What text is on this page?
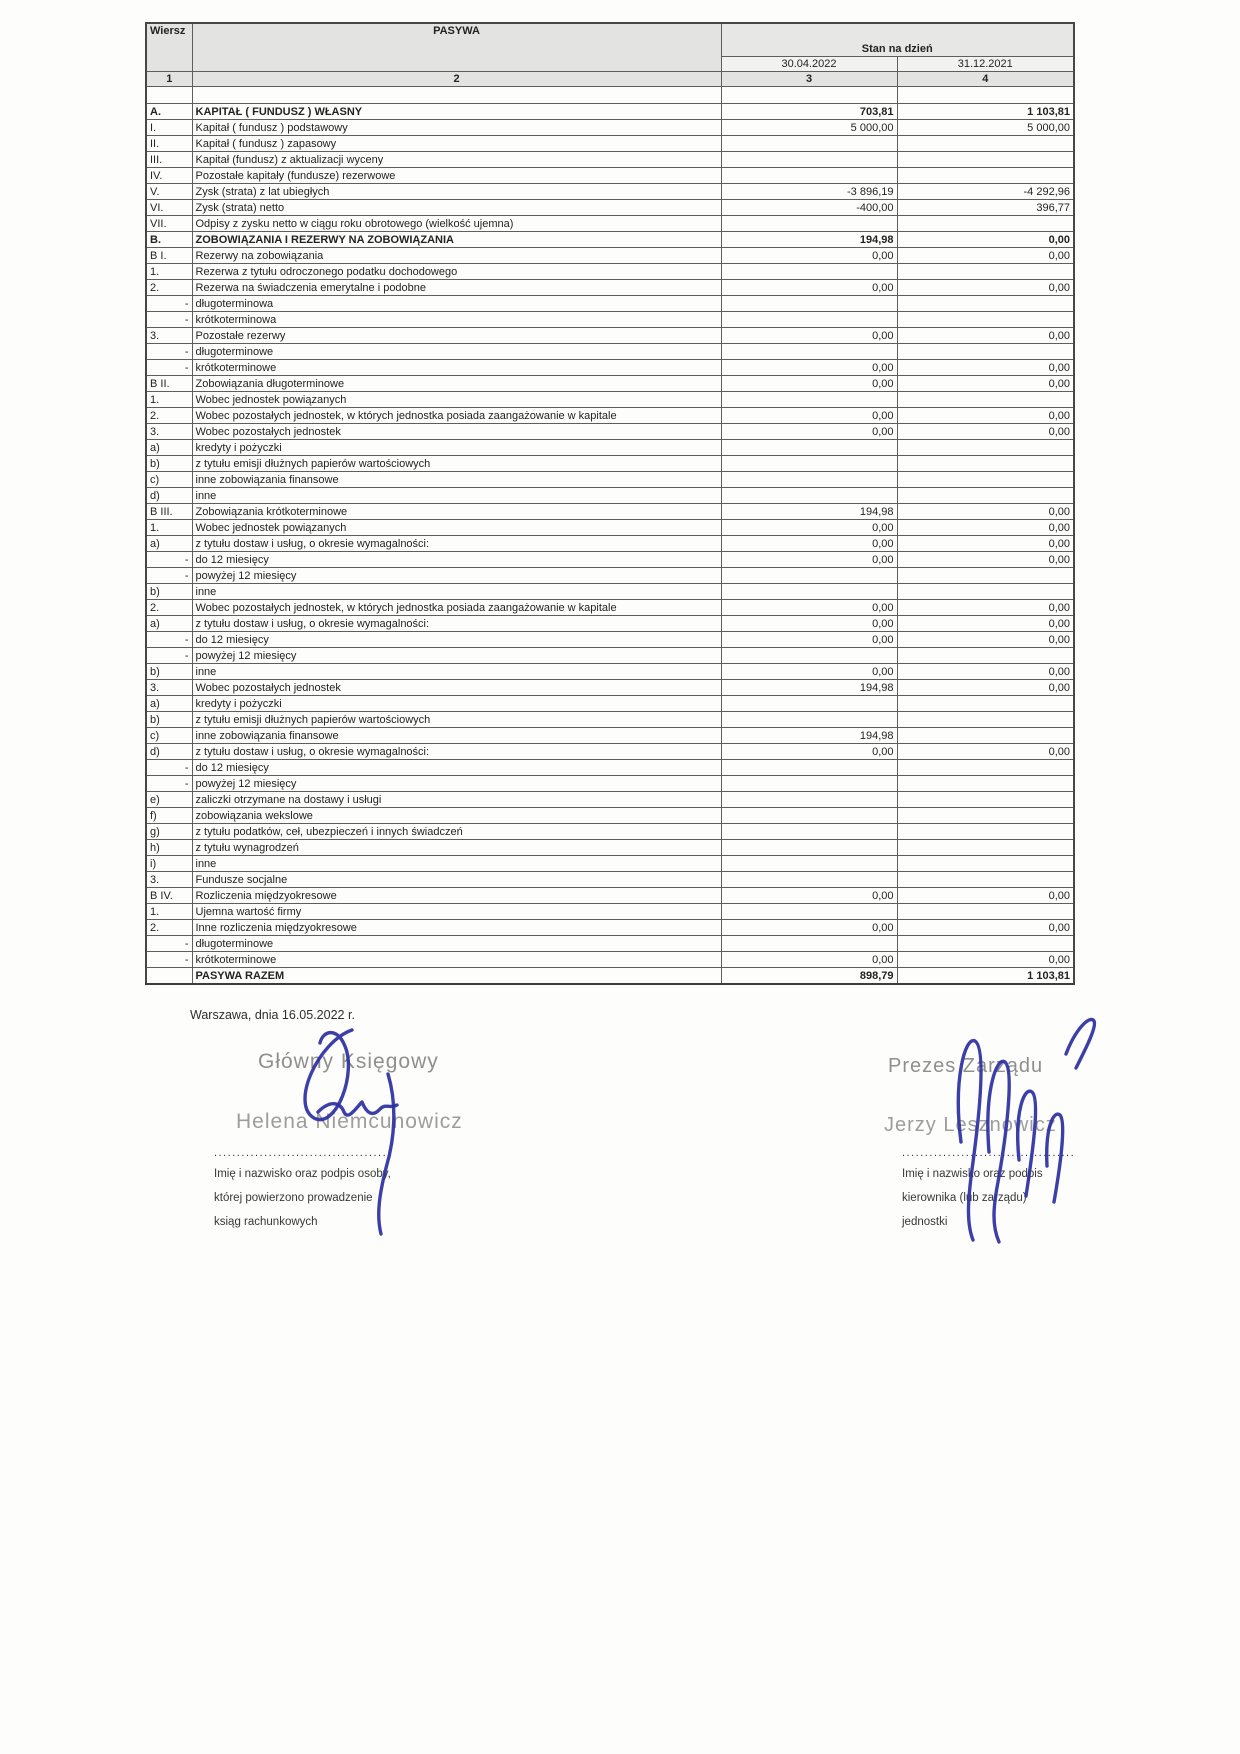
Wiersz	PASYWA	Stan na dzień	
		30.04.2022	31.12.2021
1	2	3	4

A.	KAPITAŁ ( FUNDUSZ ) WŁASNY	703,81	1 103,81
I.	Kapitał ( fundusz ) podstawowy	5 000,00	5 000,00
II.	Kapitał ( fundusz ) zapasowy		
III.	Kapitał (fundusz) z aktualizacji wyceny		
IV.	Pozostałe kapitały (fundusze) rezerwowe		
V.	Zysk (strata) z lat ubiegłych	-3 896,19	-4 292,96
VI.	Zysk (strata) netto	-400,00	396,77
VII.	Odpisy z zysku netto w ciągu roku obrotowego (wielkość ujemna)		
B.	ZOBOWIĄZANIA I REZERWY NA ZOBOWIĄZANIA	194,98	0,00
B I.	Rezerwy na zobowiązania	0,00	0,00
1.	Rezerwa z tytułu odroczonego podatku dochodowego		
2.	Rezerwa na świadczenia emerytalne i podobne	0,00	0,00
-	długoterminowa		
-	krótkoterminowa		
3.	Pozostałe rezerwy	0,00	0,00
-	długoterminowe		
-	krótkoterminowe	0,00	0,00
B II.	Zobowiązania długoterminowe	0,00	0,00
1.	Wobec jednostek powiązanych		
2.	Wobec pozostałych jednostek, w których jednostka posiada zaangażowanie w kapitale	0,00	0,00
3.	Wobec pozostałych jednostek	0,00	0,00
a)	kredyty i pożyczki		
b)	z tytułu emisji dłużnych papierów wartościowych		
c)	inne zobowiązania finansowe		
d)	inne		
B III.	Zobowiązania krótkoterminowe	194,98	0,00
1.	Wobec jednostek powiązanych	0,00	0,00
a)	z tytułu dostaw i usług, o okresie wymagalności:	0,00	0,00
-	do 12 miesięcy	0,00	0,00
-	powyżej 12 miesięcy		
b)	inne		
2.	Wobec pozostałych jednostek, w których jednostka posiada zaangażowanie w kapitale	0,00	0,00
a)	z tytułu dostaw i usług, o okresie wymagalności:	0,00	0,00
-	do 12 miesięcy	0,00	0,00
-	powyżej 12 miesięcy		
b)	inne	0,00	0,00
3.	Wobec pozostałych jednostek	194,98	0,00
a)	kredyty i pożyczki		
b)	z tytułu emisji dłużnych papierów wartościowych		
c)	inne zobowiązania finansowe	194,98	
d)	z tytułu dostaw i usług, o okresie wymagalności:	0,00	0,00
-	do 12 miesięcy		
-	powyżej 12 miesięcy		
e)	zaliczki otrzymane na dostawy i usługi		
f)	zobowiązania wekslowe		
g)	z tytułu podatków, ceł, ubezpieczeń i innych świadczeń		
h)	z tytułu wynagrodzeń		
i)	inne		
3.	Fundusze socjalne		
B IV.	Rozliczenia międzyokresowe	0,00	0,00
1.	Ujemna wartość firmy		
2.	Inne rozliczenia międzyokresowe	0,00	0,00
-	długoterminowe		
-	krótkoterminowe	0,00	0,00
	PASYWA RAZEM	898,79	1 103,81
Warszawa, dnia 16.05.2022 r.
Główny Księgowy
Helena Niemcunowicz
......................................
Imię i nazwisko oraz podpis osoby,
której powierzono prowadzenie
ksiąg rachunkowych
Prezes Zarządu
Jerzy Lesznowicz
......................................
Imię i nazwisko oraz podpis
kierownika (lub zarządu)
jednostki
